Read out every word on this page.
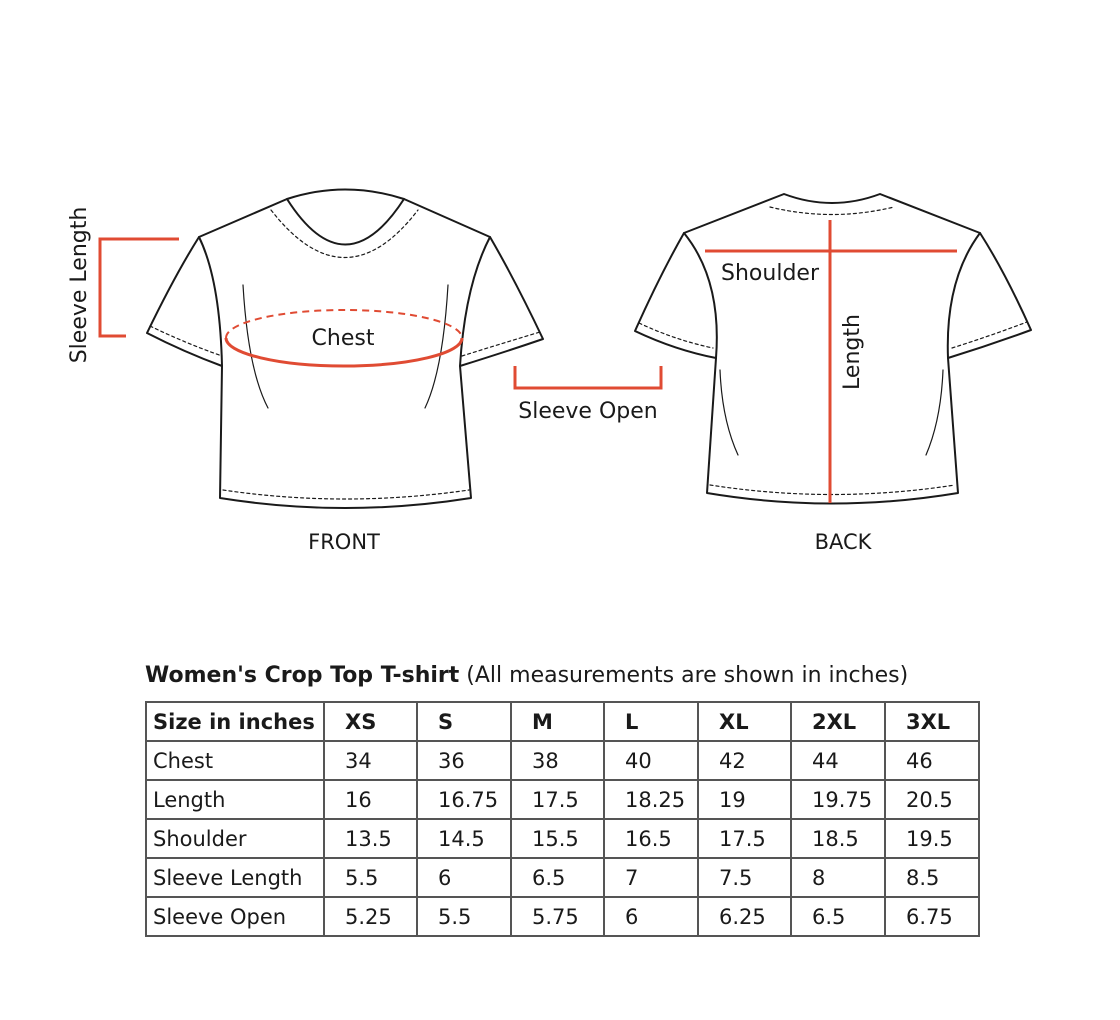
Sleeve Length	Chest
Sleeve Open
Shoulder
Length
FRONT	BACK
Women's Crop Top T-shirt (All measurements are shown in inches)
Size in inches	XS	S	M	L	XL	2XL	3XL
Chest	34	36	38	40	42	44	46
Length	16	16.75	17.5	18.25	19	19.75	20.5
Shoulder	13.5	14.5	15.5	16.5	17.5	18.5	19.5
Sleeve Length	5.5	6	6.5	7	7.5	8	8.5
Sleeve Open	5.25	5.5	5.75	6	6.25	6.5	6.75
